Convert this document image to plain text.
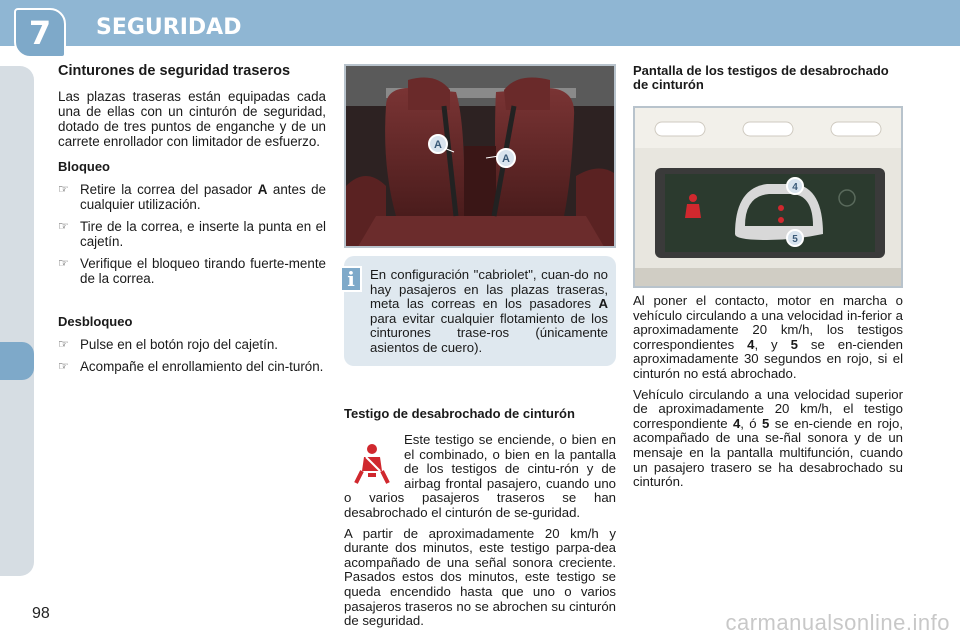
7	SEGURIDAD
Cinturones de seguridad traseros

Las plazas traseras están equipadas cada una de ellas con un cinturón de seguridad, dotado de tres puntos de enganche y de un carrete enrollador con limitador de esfuerzo.

Bloqueo
☞ Retire la correa del pasador A antes de cualquier utilización.
☞ Tire de la correa, e inserte la punta en el cajetín.
☞ Verifique el bloqueo tirando fuerte-mente de la correa.
Desbloqueo
☞ Pulse en el botón rojo del cajetín.
☞ Acompañe el enrollamiento del cin-turón.
A
A
i	En configuración "cabriolet", cuan-do no hay pasajeros en las plazas traseras, meta las correas en los pasadores A para evitar cualquier flotamiento de los cinturones trase-ros (únicamente asientos de cuero).

Testigo de desabrochado de cinturón

Este testigo se enciende, o bien en el combinado, o bien en la pantalla de los testigos de cintu-rón y de airbag frontal pasajero, cuando uno o varios pasajeros traseros se han desabrochado el cinturón de se-guridad.

A partir de aproximadamente 20 km/h y durante dos minutos, este testigo parpa-dea acompañado de una señal sonora creciente. Pasados estos dos minutos, este testigo se queda encendido hasta que uno o varios pasajeros traseros no se abrochen su cinturón de seguridad.

Pantalla de los testigos de desabrochado de cinturón
4
5

Al poner el contacto, motor en marcha o vehículo circulando a una velocidad in-ferior a aproximadamente 20 km/h, los testigos correspondientes 4, y 5 se en-cienden aproximadamente 30 segundos en rojo, si el cinturón no está abrochado.

Vehículo circulando a una velocidad superior de aproximadamente 20 km/h, el testigo correspondiente 4, ó 5 se en-ciende en rojo, acompañado de una se-ñal sonora y de un mensaje en la pantalla multifunción, cuando un pasajero trasero se ha desabrochado su cinturón.

98	carmanualsonline.info
